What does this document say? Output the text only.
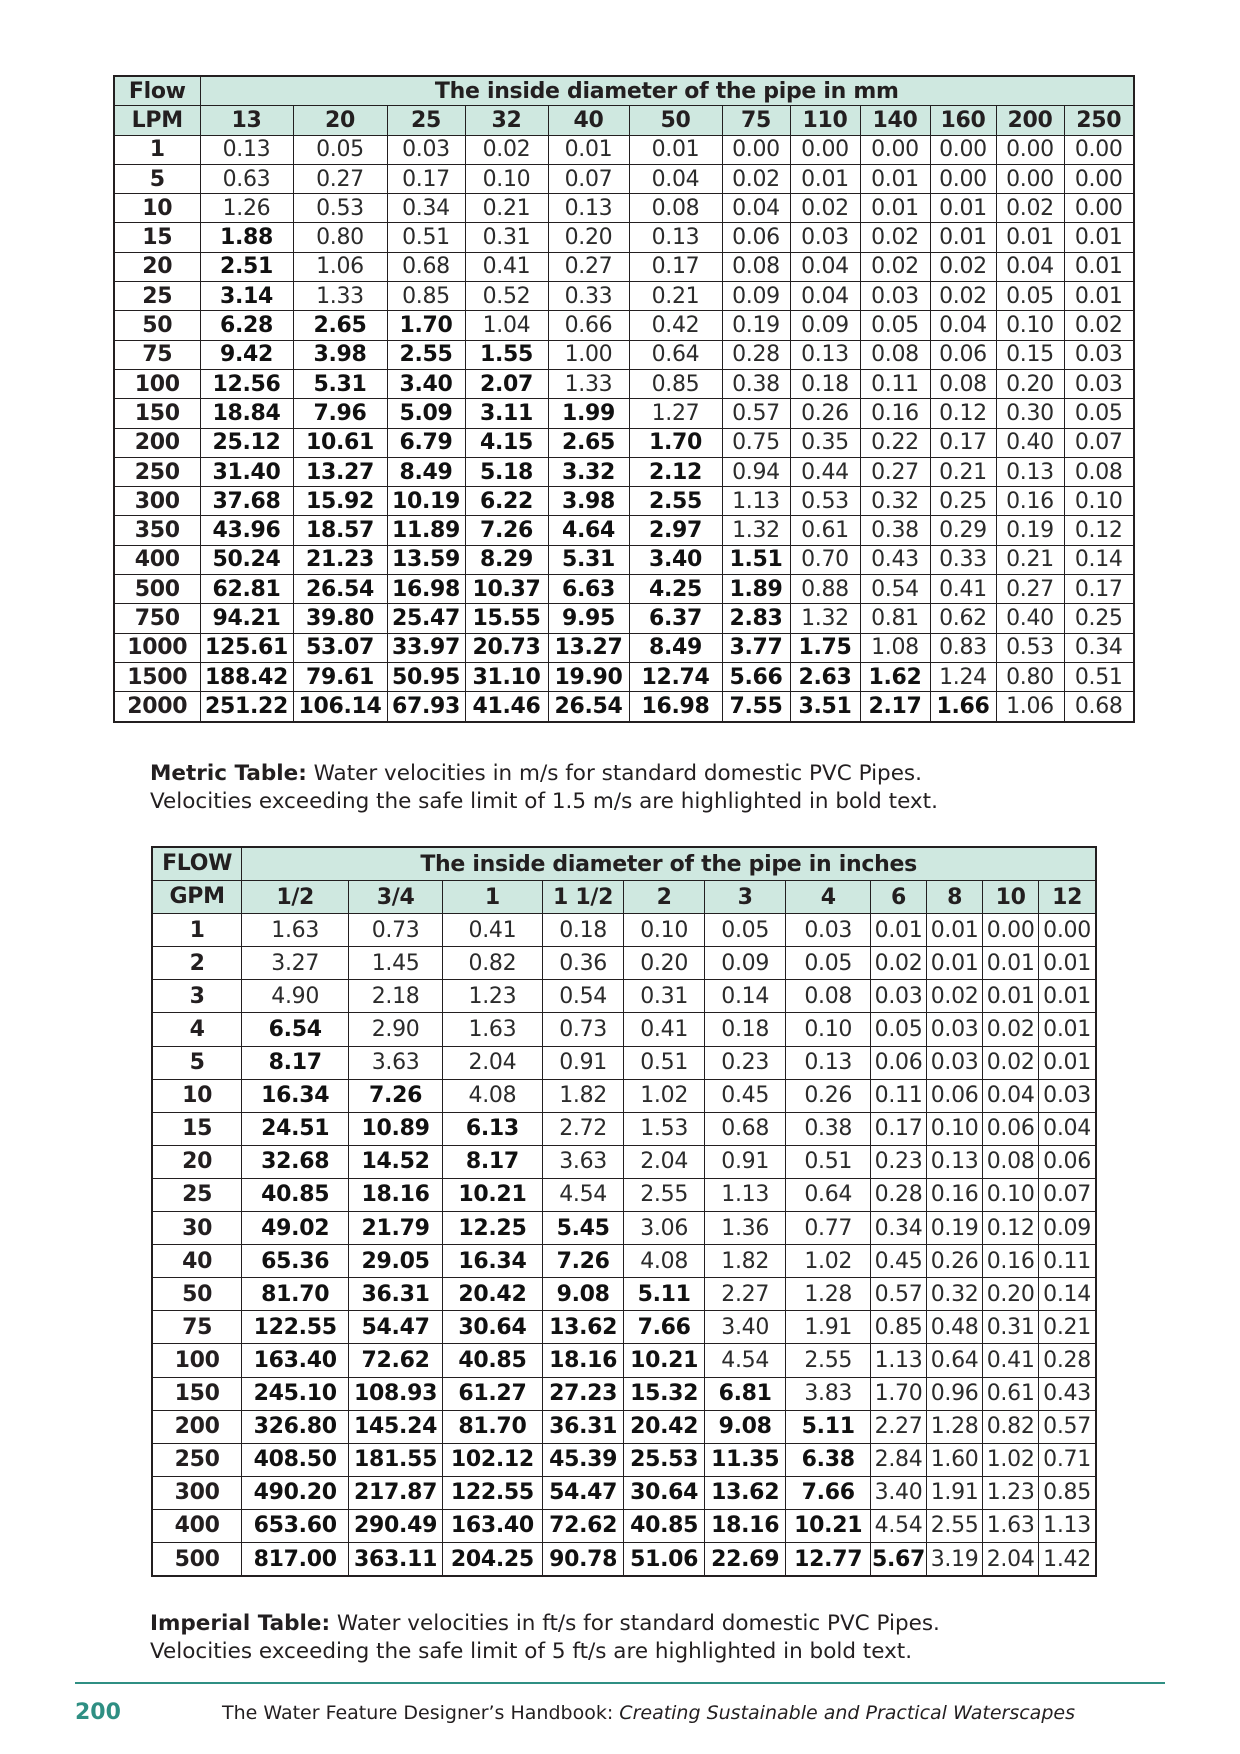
Flow	The inside diameter of the pipe in mm											
LPM	13	20	25	32	40	50	75	110	140	160	200	250
1	0.13	0.05	0.03	0.02	0.01	0.01	0.00	0.00	0.00	0.00	0.00	0.00
5	0.63	0.27	0.17	0.10	0.07	0.04	0.02	0.01	0.01	0.00	0.00	0.00
10	1.26	0.53	0.34	0.21	0.13	0.08	0.04	0.02	0.01	0.01	0.02	0.00
15	1.88	0.80	0.51	0.31	0.20	0.13	0.06	0.03	0.02	0.01	0.01	0.01
20	2.51	1.06	0.68	0.41	0.27	0.17	0.08	0.04	0.02	0.02	0.04	0.01
25	3.14	1.33	0.85	0.52	0.33	0.21	0.09	0.04	0.03	0.02	0.05	0.01
50	6.28	2.65	1.70	1.04	0.66	0.42	0.19	0.09	0.05	0.04	0.10	0.02
75	9.42	3.98	2.55	1.55	1.00	0.64	0.28	0.13	0.08	0.06	0.15	0.03
100	12.56	5.31	3.40	2.07	1.33	0.85	0.38	0.18	0.11	0.08	0.20	0.03
150	18.84	7.96	5.09	3.11	1.99	1.27	0.57	0.26	0.16	0.12	0.30	0.05
200	25.12	10.61	6.79	4.15	2.65	1.70	0.75	0.35	0.22	0.17	0.40	0.07
250	31.40	13.27	8.49	5.18	3.32	2.12	0.94	0.44	0.27	0.21	0.13	0.08
300	37.68	15.92	10.19	6.22	3.98	2.55	1.13	0.53	0.32	0.25	0.16	0.10
350	43.96	18.57	11.89	7.26	4.64	2.97	1.32	0.61	0.38	0.29	0.19	0.12
400	50.24	21.23	13.59	8.29	5.31	3.40	1.51	0.70	0.43	0.33	0.21	0.14
500	62.81	26.54	16.98	10.37	6.63	4.25	1.89	0.88	0.54	0.41	0.27	0.17
750	94.21	39.80	25.47	15.55	9.95	6.37	2.83	1.32	0.81	0.62	0.40	0.25
1000	125.61	53.07	33.97	20.73	13.27	8.49	3.77	1.75	1.08	0.83	0.53	0.34
1500	188.42	79.61	50.95	31.10	19.90	12.74	5.66	2.63	1.62	1.24	0.80	0.51
2000	251.22	106.14	67.93	41.46	26.54	16.98	7.55	3.51	2.17	1.66	1.06	0.68
Metric Table: Water velocities in m/s for standard domestic PVC Pipes.
Velocities exceeding the safe limit of 1.5 m/s are highlighted in bold text.
FLOW	The inside diameter of the pipe in inches										
GPM	1/2	3/4	1	1 1/2	2	3	4	6	8	10	12
1	1.63	0.73	0.41	0.18	0.10	0.05	0.03	0.01	0.01	0.00	0.00
2	3.27	1.45	0.82	0.36	0.20	0.09	0.05	0.02	0.01	0.01	0.01
3	4.90	2.18	1.23	0.54	0.31	0.14	0.08	0.03	0.02	0.01	0.01
4	6.54	2.90	1.63	0.73	0.41	0.18	0.10	0.05	0.03	0.02	0.01
5	8.17	3.63	2.04	0.91	0.51	0.23	0.13	0.06	0.03	0.02	0.01
10	16.34	7.26	4.08	1.82	1.02	0.45	0.26	0.11	0.06	0.04	0.03
15	24.51	10.89	6.13	2.72	1.53	0.68	0.38	0.17	0.10	0.06	0.04
20	32.68	14.52	8.17	3.63	2.04	0.91	0.51	0.23	0.13	0.08	0.06
25	40.85	18.16	10.21	4.54	2.55	1.13	0.64	0.28	0.16	0.10	0.07
30	49.02	21.79	12.25	5.45	3.06	1.36	0.77	0.34	0.19	0.12	0.09
40	65.36	29.05	16.34	7.26	4.08	1.82	1.02	0.45	0.26	0.16	0.11
50	81.70	36.31	20.42	9.08	5.11	2.27	1.28	0.57	0.32	0.20	0.14
75	122.55	54.47	30.64	13.62	7.66	3.40	1.91	0.85	0.48	0.31	0.21
100	163.40	72.62	40.85	18.16	10.21	4.54	2.55	1.13	0.64	0.41	0.28
150	245.10	108.93	61.27	27.23	15.32	6.81	3.83	1.70	0.96	0.61	0.43
200	326.80	145.24	81.70	36.31	20.42	9.08	5.11	2.27	1.28	0.82	0.57
250	408.50	181.55	102.12	45.39	25.53	11.35	6.38	2.84	1.60	1.02	0.71
300	490.20	217.87	122.55	54.47	30.64	13.62	7.66	3.40	1.91	1.23	0.85
400	653.60	290.49	163.40	72.62	40.85	18.16	10.21	4.54	2.55	1.63	1.13
500	817.00	363.11	204.25	90.78	51.06	22.69	12.77	5.67	3.19	2.04	1.42
Imperial Table: Water velocities in ft/s for standard domestic PVC Pipes.
Velocities exceeding the safe limit of 5 ft/s are highlighted in bold text.
200	The Water Feature Designer’s Handbook: Creating Sustainable and Practical Waterscapes
